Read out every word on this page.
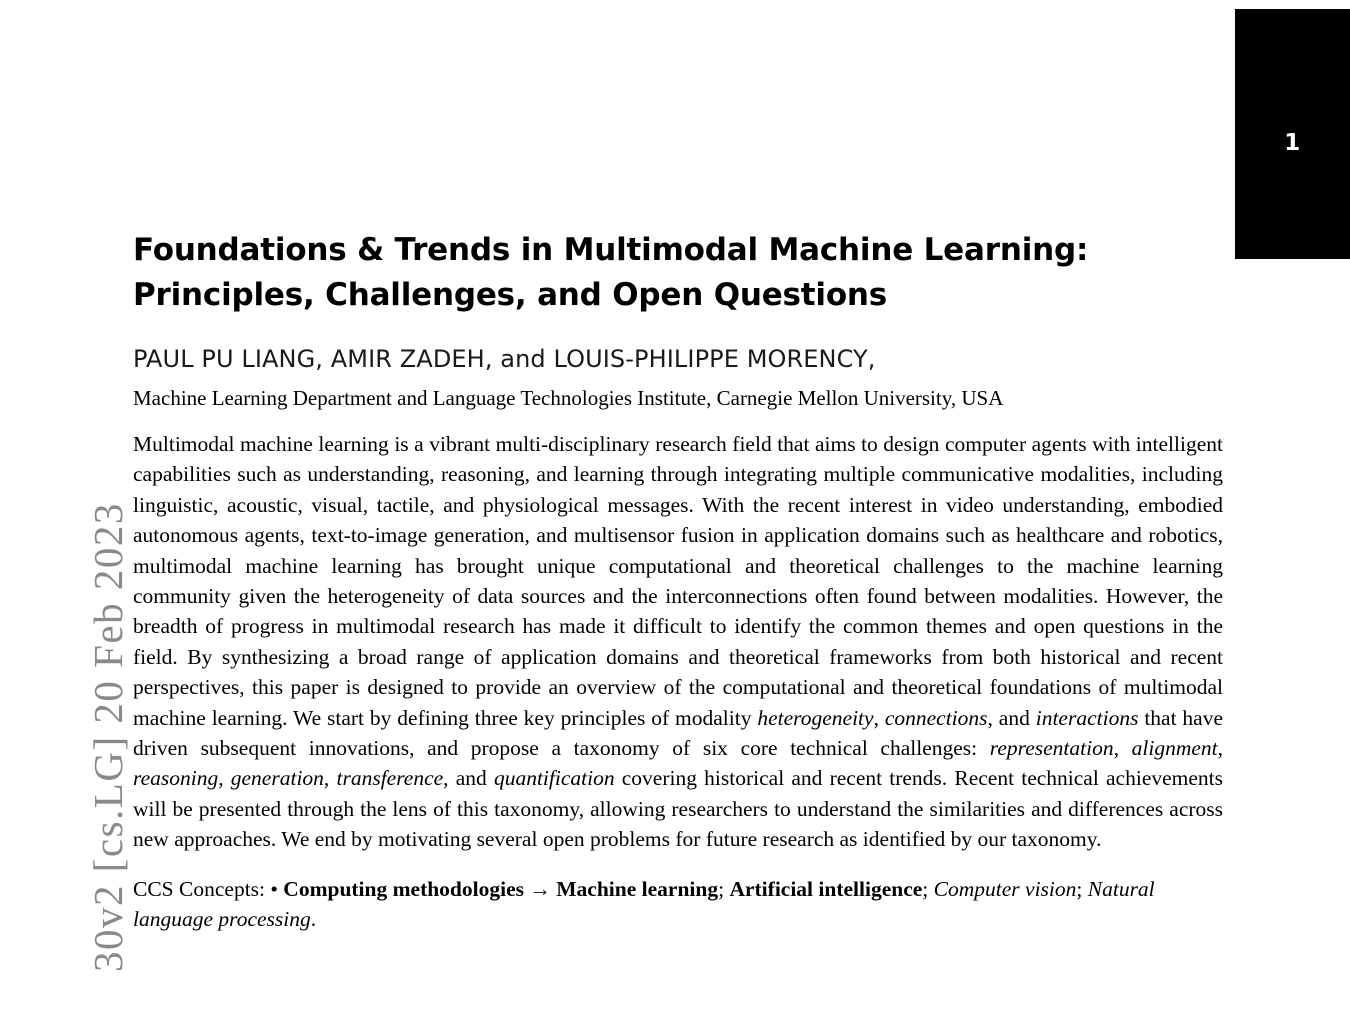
1
30v2 [cs.LG] 20 Feb 2023
Foundations & Trends in Multimodal Machine Learning:
Principles, Challenges, and Open Questions

PAUL PU LIANG, AMIR ZADEH, and LOUIS-PHILIPPE MORENCY,

Machine Learning Department and Language Technologies Institute, Carnegie Mellon University, USA

Multimodal machine learning is a vibrant multi-disciplinary research field that aims to design computer agents with intelligent capabilities such as understanding, reasoning, and learning through integrating multiple communicative modalities, including linguistic, acoustic, visual, tactile, and physiological messages. With the recent interest in video understanding, embodied autonomous agents, text-to-image generation, and multisensor fusion in application domains such as healthcare and robotics, multimodal machine learning has brought unique computational and theoretical challenges to the machine learning community given the heterogeneity of data sources and the interconnections often found between modalities. However, the breadth of progress in multimodal research has made it difficult to identify the common themes and open questions in the field. By synthesizing a broad range of application domains and theoretical frameworks from both historical and recent perspectives, this paper is designed to provide an overview of the computational and theoretical foundations of multimodal machine learning. We start by defining three key principles of modality heterogeneity, connections, and interactions that have driven subsequent innovations, and propose a taxonomy of six core technical challenges: representation, alignment, reasoning, generation, transference, and quantification covering historical and recent trends. Recent technical achievements will be presented through the lens of this taxonomy, allowing researchers to understand the similarities and differences across new approaches. We end by motivating several open problems for future research as identified by our taxonomy.

CCS Concepts: • Computing methodologies → Machine learning; Artificial intelligence; Computer vision; Natural language processing.
